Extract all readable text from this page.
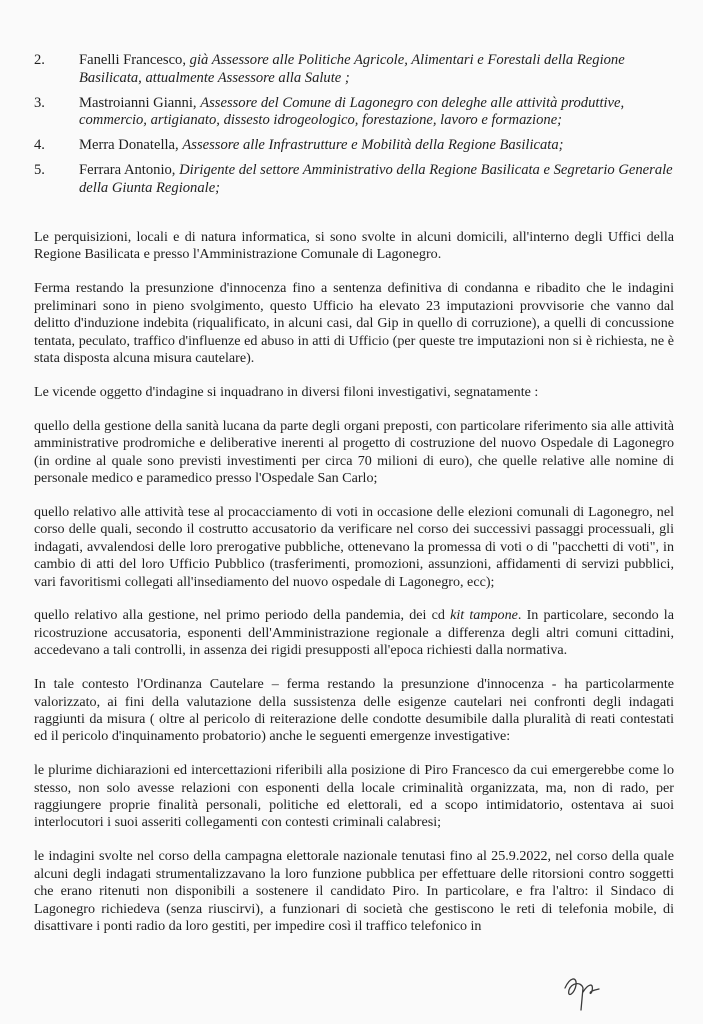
2.	Fanelli Francesco, già Assessore alle Politiche Agricole, Alimentari e Forestali della Regione Basilicata, attualmente Assessore alla Salute ;
3.	Mastroianni Gianni, Assessore del Comune di Lagonegro con deleghe alle attività produttive, commercio, artigianato, dissesto idrogeologico, forestazione, lavoro e formazione;
4.	Merra Donatella, Assessore alle Infrastrutture e Mobilità della Regione Basilicata;
5.	Ferrara Antonio, Dirigente del settore Amministrativo della Regione Basilicata e Segretario Generale della Giunta Regionale;

Le perquisizioni, locali e di natura informatica, si sono svolte in alcuni domicili, all'interno degli Uffici della Regione Basilicata e presso l'Amministrazione Comunale di Lagonegro.

Ferma restando la presunzione d'innocenza fino a sentenza definitiva di condanna e ribadito che le indagini preliminari sono in pieno svolgimento, questo Ufficio ha elevato 23 imputazioni provvisorie che vanno dal delitto d'induzione indebita (riqualificato, in alcuni casi, dal Gip in quello di corruzione), a quelli di concussione tentata, peculato, traffico d'influenze ed abuso in atti di Ufficio (per queste tre imputazioni non si è richiesta, ne è stata disposta alcuna misura cautelare).

Le vicende oggetto d'indagine si inquadrano in diversi filoni investigativi, segnatamente :

quello della gestione della sanità lucana da parte degli organi preposti, con particolare riferimento sia alle attività amministrative prodromiche e deliberative inerenti al progetto di costruzione del nuovo Ospedale di Lagonegro (in ordine al quale sono previsti investimenti per circa 70 milioni di euro), che quelle relative alle nomine di personale medico e paramedico presso l'Ospedale San Carlo;

quello relativo alle attività tese al procacciamento di voti in occasione delle elezioni comunali di Lagonegro, nel corso delle quali, secondo il costrutto accusatorio da verificare nel corso dei successivi passaggi processuali, gli indagati, avvalendosi delle loro prerogative pubbliche, ottenevano la promessa di voti o di "pacchetti di voti", in cambio di atti del loro Ufficio Pubblico (trasferimenti, promozioni, assunzioni, affidamenti di servizi pubblici, vari favoritismi collegati all'insediamento del nuovo ospedale di Lagonegro, ecc);

quello relativo alla gestione, nel primo periodo della pandemia, dei cd kit tampone. In particolare, secondo la ricostruzione accusatoria, esponenti dell'Amministrazione regionale a differenza degli altri comuni cittadini, accedevano a tali controlli, in assenza dei rigidi presupposti all'epoca richiesti dalla normativa.

In tale contesto l'Ordinanza Cautelare – ferma restando la presunzione d'innocenza - ha particolarmente valorizzato, ai fini della valutazione della sussistenza delle esigenze cautelari nei confronti degli indagati raggiunti da misura ( oltre al pericolo di reiterazione delle condotte desumibile dalla pluralità di reati contestati ed il pericolo d'inquinamento probatorio) anche le seguenti emergenze investigative:

le plurime dichiarazioni ed intercettazioni riferibili alla posizione di Piro Francesco da cui emergerebbe come lo stesso, non solo avesse relazioni con esponenti della locale criminalità organizzata, ma, non di rado, per raggiungere proprie finalità personali, politiche ed elettorali, ed a scopo intimidatorio, ostentava ai suoi interlocutori i suoi asseriti collegamenti con contesti criminali calabresi;

le indagini svolte nel corso della campagna elettorale nazionale tenutasi fino al 25.9.2022, nel corso della quale alcuni degli indagati strumentalizzavano la loro funzione pubblica per effettuare delle ritorsioni contro soggetti che erano ritenuti non disponibili a sostenere il candidato Piro. In particolare, e fra l'altro: il Sindaco di Lagonegro richiedeva (senza riuscirvi), a funzionari di società che gestiscono le reti di telefonia mobile, di disattivare i ponti radio da loro gestiti, per impedire così il traffico telefonico in
